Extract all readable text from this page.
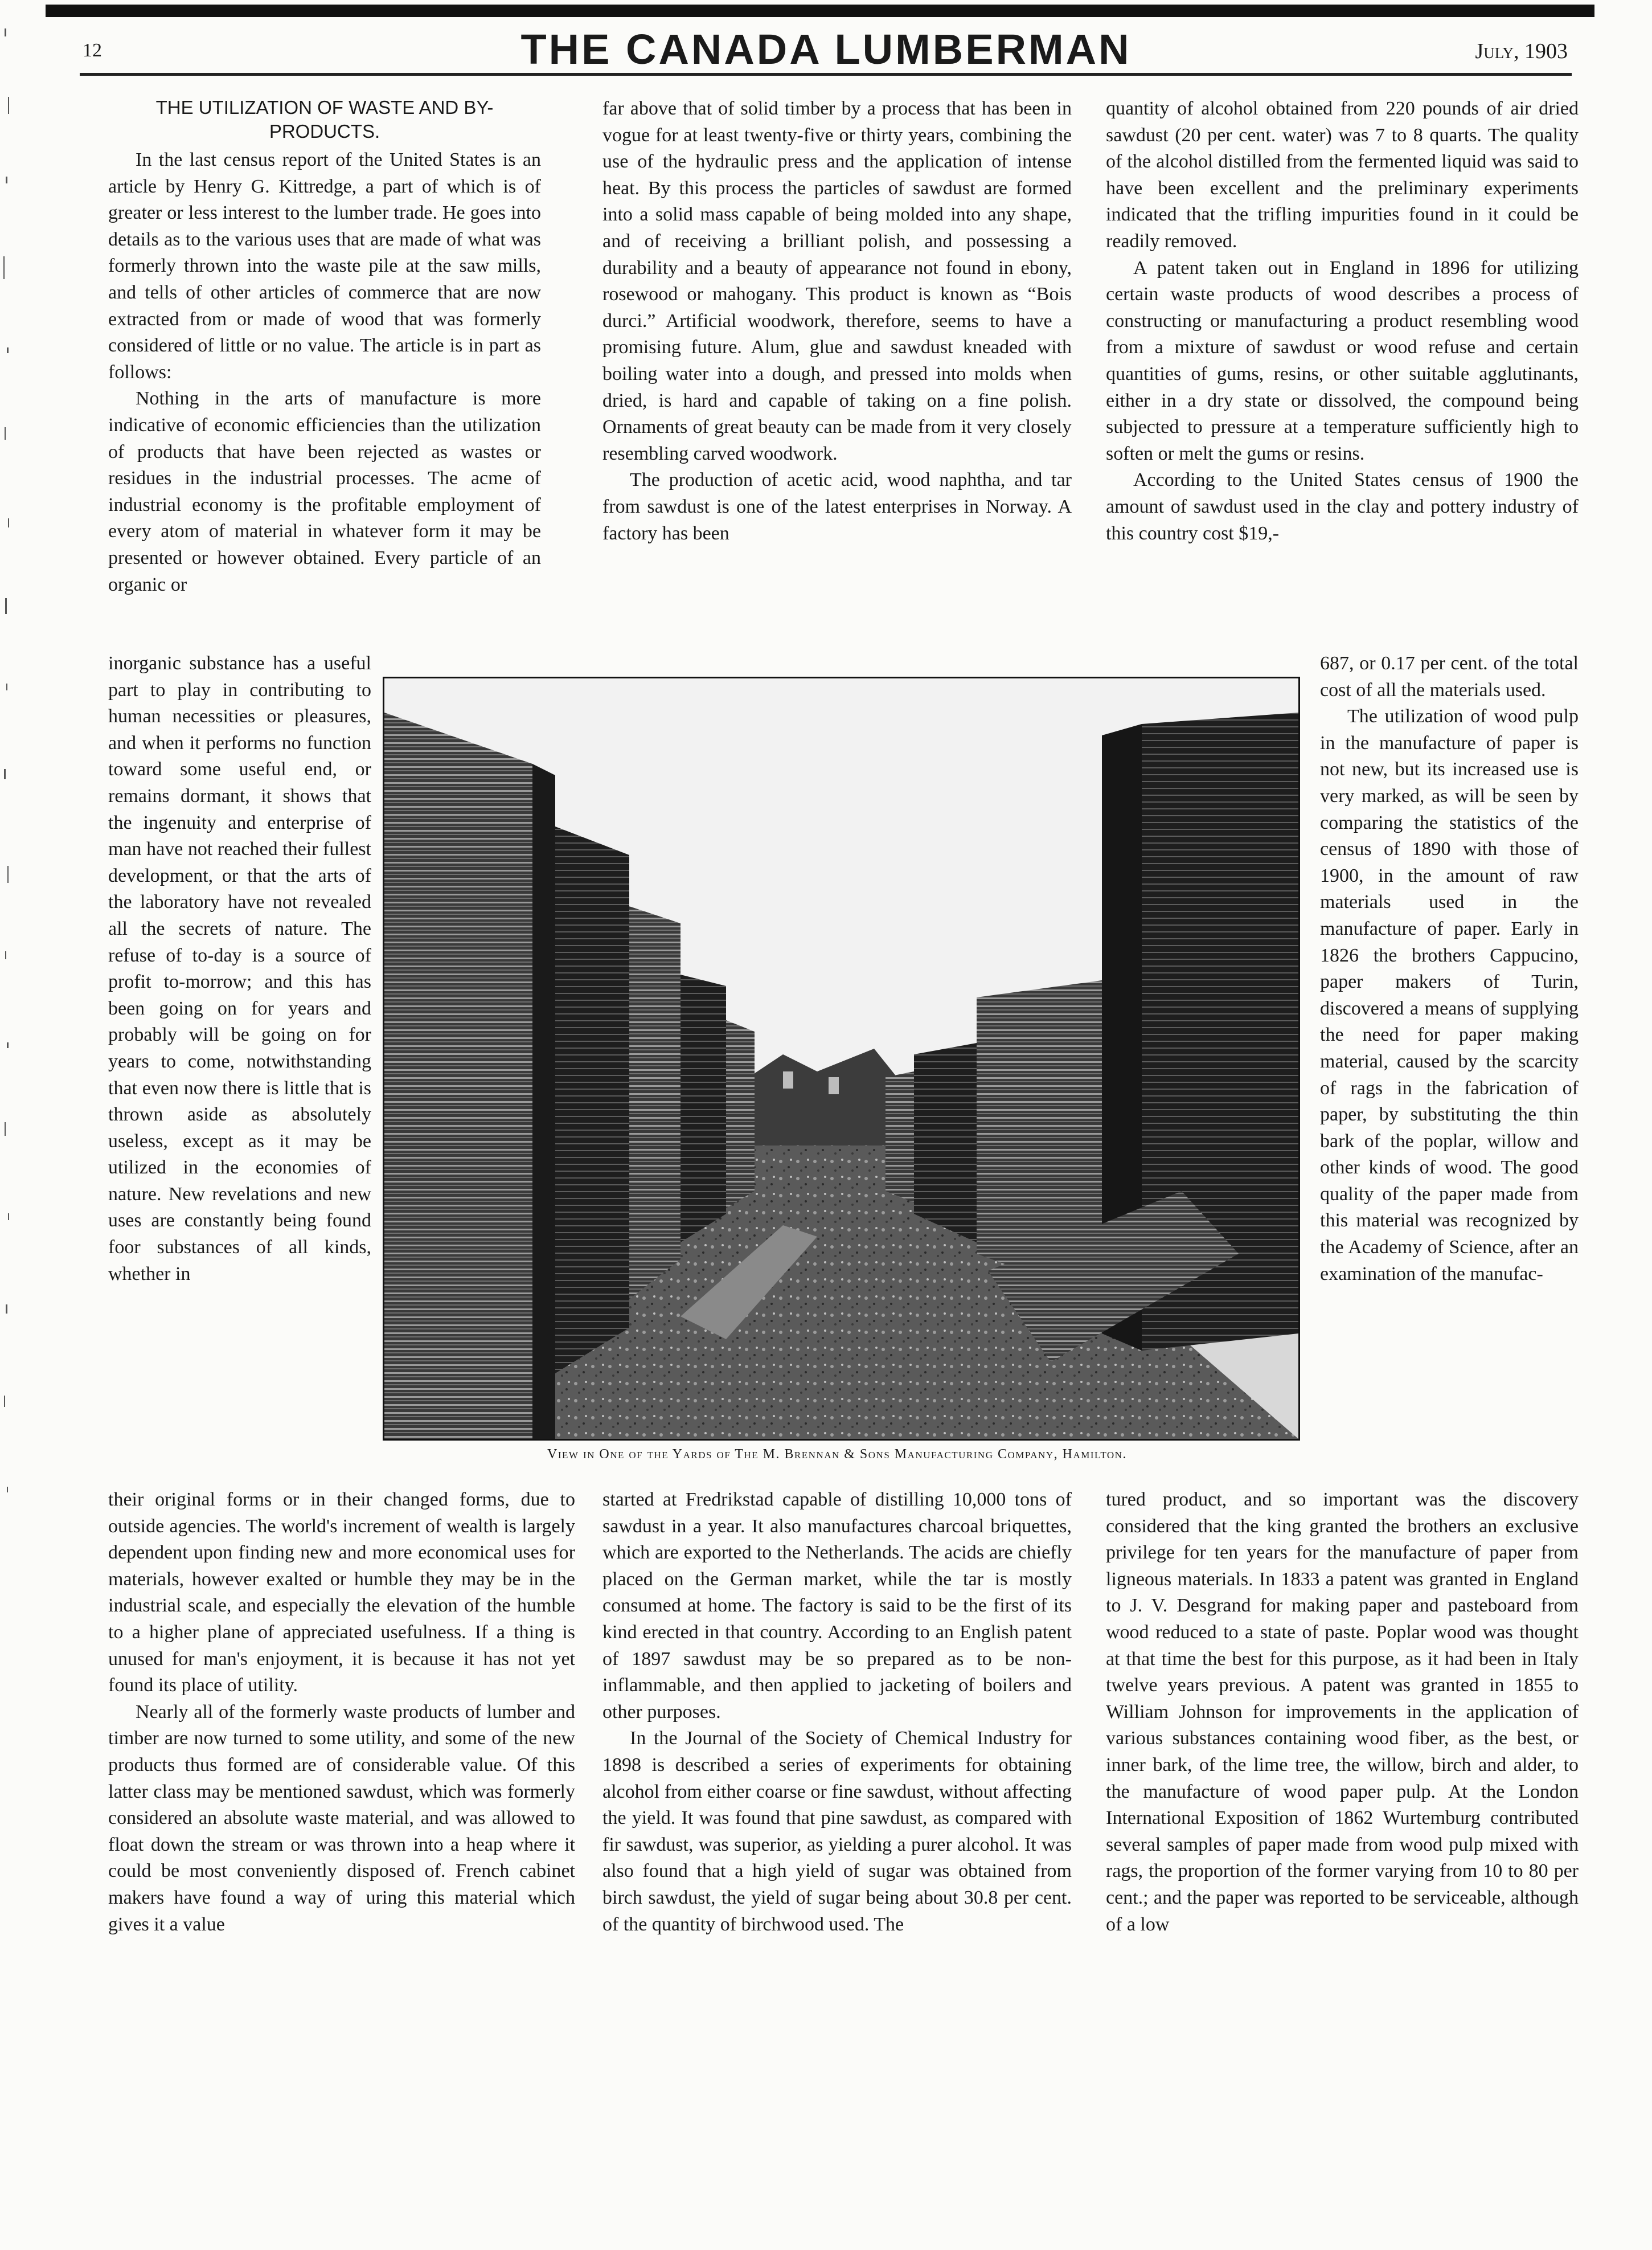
12	THE CANADA LUMBERMAN	July, 1903
THE UTILIZATION OF WASTE AND BY-PRODUCTS.

In the last census report of the United States is an article by Henry G. Kittredge, a part of which is of greater or less interest to the lumber trade. He goes into details as to the various uses that are made of what was formerly thrown into the waste pile at the saw mills, and tells of other articles of commerce that are now extracted from or made of wood that was formerly considered of little or no value. The article is in part as follows:

Nothing in the arts of manufacture is more indicative of economic efficiencies than the utilization of products that have been rejected as wastes or residues in the industrial processes. The acme of industrial economy is the profitable employment of every atom of material in whatever form it may be presented or however obtained. Every particle of an organic or

inorganic substance has a useful part to play in contributing to human necessities or pleasures, and when it performs no function toward some useful end, or remains dormant, it shows that the ingenuity and enterprise of man have not reached their fullest development, or that the arts of the laboratory have not revealed all the secrets of nature. The refuse of to-day is a source of profit to-morrow; and this has been going on for years and probably will be going on for years to come, notwithstanding that even now there is little that is thrown aside as absolutely useless, except as it may be utilized in the economies of nature. New revelations and new uses are constantly being found foor substances of all kinds, whether in

their original forms or in their changed forms, due to outside agencies. The world's increment of wealth is largely dependent upon finding new and more economical uses for materials, however exalted or humble they may be in the industrial scale, and especially the elevation of the humble to a higher plane of appreciated usefulness. If a thing is unused for man's enjoyment, it is because it has not yet found its place of utility.

Nearly all of the formerly waste products of lumber and timber are now turned to some utility, and some of the new products thus formed are of considerable value. Of this latter class may be mentioned sawdust, which was formerly considered an absolute waste material, and was allowed to float down the stream or was thrown into a heap where it could be most conveniently disposed of. French cabinet makers have found a way of  uring this material which gives it a value

far above that of solid timber by a process that has been in vogue for at least twenty-five or thirty years, combining the use of the hydraulic press and the application of intense heat. By this process the particles of sawdust are formed into a solid mass capable of being molded into any shape, and of receiving a brilliant polish, and possessing a durability and a beauty of appearance not found in ebony, rosewood or mahogany. This product is known as “Bois durci.” Artificial woodwork, therefore, seems to have a promising future. Alum, glue and sawdust kneaded with boiling water into a dough, and pressed into molds when dried, is hard and capable of taking on a fine polish. Ornaments of great beauty can be made from it very closely resembling carved woodwork.

The production of acetic acid, wood naphtha, and tar from sawdust is one of the latest enterprises in Norway. A factory has been

started at Fredrikstad capable of distilling 10,000 tons of sawdust in a year. It also manufactures charcoal briquettes, which are exported to the Netherlands. The acids are chiefly placed on the German market, while the tar is mostly consumed at home. The factory is said to be the first of its kind erected in that country. According to an English patent of 1897 sawdust may be so prepared as to be non-inflammable, and then applied to jacketing of boilers and other purposes.

In the Journal of the Society of Chemical Industry for 1898 is described a series of experiments for obtaining alcohol from either coarse or fine sawdust, without affecting the yield. It was found that pine sawdust, as compared with fir sawdust, was superior, as yielding a purer alcohol. It was also found that a high yield of sugar was obtained from birch sawdust, the yield of sugar being about 30.8 per cent. of the quantity of birchwood used. The

quantity of alcohol obtained from 220 pounds of air dried sawdust (20 per cent. water) was 7 to 8 quarts. The quality of the alcohol distilled from the fermented liquid was said to have been excellent and the preliminary experiments indicated that the trifling impurities found in it could be readily removed.

A patent taken out in England in 1896 for utilizing certain waste products of wood describes a process of constructing or manufacturing a product resembling wood from a mixture of sawdust or wood refuse and certain quantities of gums, resins, or other suitable agglutinants, either in a dry state or dissolved, the compound being subjected to pressure at a temperature sufficiently high to soften or melt the gums or resins.

According to the United States census of 1900 the amount of sawdust used in the clay and pottery industry of this country cost $19,-

687, or 0.17 per cent. of the total cost of all the materials used.

The utilization of wood pulp in the manufacture of paper is not new, but its increased use is very marked, as will be seen by comparing the statistics of the census of 1890 with those of 1900, in the amount of raw materials used in the manufacture of paper. Early in 1826 the brothers Cappucino, paper makers of Turin, discovered a means of supplying the need for paper making material, caused by the scarcity of rags in the fabrication of paper, by substituting the thin bark of the poplar, willow and other kinds of wood. The good quality of the paper made from this material was recognized by the Academy of Science, after an examination of the manufac-

tured product, and so important was the discovery considered that the king granted the brothers an exclusive privilege for ten years for the manufacture of paper from ligneous materials. In 1833 a patent was granted in England to J. V. Desgrand for making paper and pasteboard from wood reduced to a state of paste. Poplar wood was thought at that time the best for this purpose, as it had been in Italy twelve years previous. A patent was granted in 1855 to William Johnson for improvements in the application of various substances containing wood fiber, as the best, or inner bark, of the lime tree, the willow, birch and alder, to the manufacture of wood paper pulp. At the London International Exposition of 1862 Wurtemburg contributed several samples of paper made from wood pulp mixed with rags, the proportion of the former varying from 10 to 80 per cent.; and the paper was reported to be serviceable, although of a low

View in One of the Yards of The M. Brennan & Sons Manufacturing Company, Hamilton.
